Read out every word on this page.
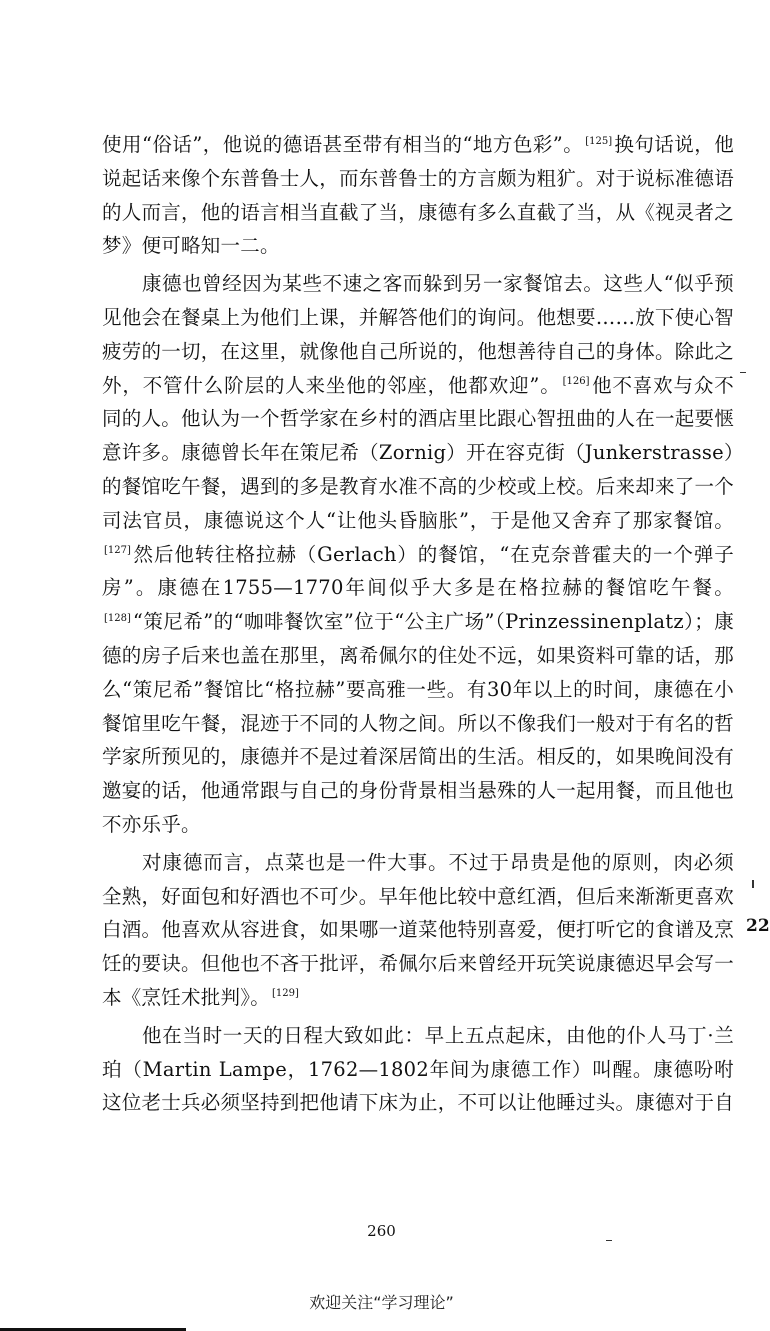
使用“俗话”，他说的德语甚至带有相当的“地方色彩”。 [125] 换句话说，他说起话来像个东普鲁士人，而东普鲁士的方言颇为粗犷。对于说标准德语的人而言，他的语言相当直截了当，康德有多么直截了当，从《视灵者之梦》便可略知一二。

康德也曾经因为某些不速之客而躲到另一家餐馆去。这些人“似乎预见他会在餐桌上为他们上课，并解答他们的询问。他想要……放下使心智疲劳的一切，在这里，就像他自己所说的，他想善待自己的身体。除此之外，不管什么阶层的人来坐他的邻座，他都欢迎”。 [126] 他不喜欢与众不同的人。他认为一个哲学家在乡村的酒店里比跟心智扭曲的人在一起要惬意许多。康德曾长年在策尼希（Zornig）开在容克街（Junkerstrasse）的餐馆吃午餐，遇到的多是教育水准不高的少校或上校。后来却来了一个司法官员，康德说这个人“让他头昏脑胀”，于是他又舍弃了那家餐馆。[127] 然后他转往格拉赫（Gerlach）的餐馆，“在克奈普霍夫的一个弹子房”。康德在1755—1770年间似乎大多是在格拉赫的餐馆吃午餐。[128] “策尼希”的“咖啡餐饮室”位于“公主广场”（Prinzessinenplatz）；康德的房子后来也盖在那里，离希佩尔的住处不远，如果资料可靠的话，那么“策尼希”餐馆比“格拉赫”要高雅一些。有30年以上的时间，康德在小餐馆里吃午餐，混迹于不同的人物之间。所以不像我们一般对于有名的哲学家所预见的，康德并不是过着深居简出的生活。相反的，如果晚间没有邀宴的话，他通常跟与自己的身份背景相当悬殊的人一起用餐，而且他也不亦乐乎。

对康德而言，点菜也是一件大事。不过于昂贵是他的原则，肉必须全熟，好面包和好酒也不可少。早年他比较中意红酒，但后来渐渐更喜欢白酒。他喜欢从容进食，如果哪一道菜他特别喜爱，便打听它的食谱及烹饪的要诀。但他也不吝于批评，希佩尔后来曾经开玩笑说康德迟早会写一本《烹饪术批判》。 [129]

他在当时一天的日程大致如此：早上五点起床，由他的仆人马丁·兰珀（Martin Lampe，1762—1802年间为康德工作）叫醒。康德吩咐这位老士兵必须坚持到把他请下床为止，不可以让他睡过头。康德对于自

22
260
欢迎关注“学习理论”
